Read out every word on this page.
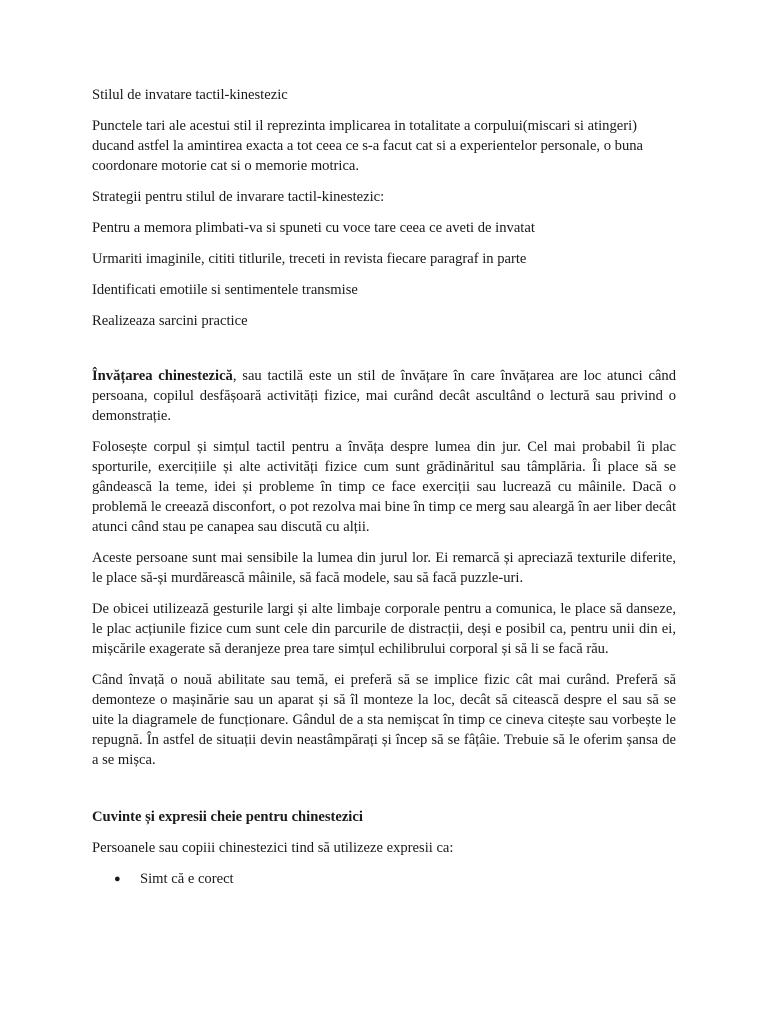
Stilul de invatare tactil-kinestezic

Punctele tari ale acestui stil il reprezinta implicarea in totalitate a corpului(miscari si atingeri) ducand astfel la amintirea exacta a tot ceea ce s-a facut cat si a experientelor personale, o buna coordonare motorie cat si o memorie motrica.

Strategii pentru stilul de invarare tactil-kinestezic:

Pentru a memora plimbati-va si spuneti cu voce tare ceea ce aveti de invatat

Urmariti imaginile, cititi titlurile, treceti in revista fiecare paragraf in parte

Identificati emotiile si sentimentele transmise

Realizeaza sarcini practice

Învățarea chinestezică, sau tactilă este un stil de învățare în care învățarea are loc atunci când persoana, copilul desfășoară activități fizice, mai curând decât ascultând o lectură sau privind o demonstrație.

Folosește corpul și simțul tactil pentru a învăța despre lumea din jur. Cel mai probabil îi plac sporturile, exercițiile și alte activități fizice cum sunt grădinăritul sau tâmplăria. Îi place să se gândească la teme, idei și probleme în timp ce face exerciții sau lucrează cu mâinile. Dacă o problemă le creează disconfort, o pot rezolva mai bine în timp ce merg sau aleargă în aer liber decât atunci când stau pe canapea sau discută cu alții.

Aceste persoane sunt mai sensibile la lumea din jurul lor. Ei remarcă și apreciază texturile diferite, le place să-și murdărească mâinile, să facă modele, sau să facă puzzle-uri.

De obicei utilizează gesturile largi și alte limbaje corporale pentru a comunica, le place să danseze, le plac acțiunile fizice cum sunt cele din parcurile de distracții, deși e posibil ca, pentru unii din ei, mișcările exagerate să deranjeze prea tare simțul echilibrului corporal și să li se facă rău.

Când învață o nouă abilitate sau temă, ei preferă să se implice fizic cât mai curând. Preferă să demonteze o mașinărie sau un aparat și să îl monteze la loc, decât să citească despre el sau să se uite la diagramele de funcționare. Gândul de a sta nemișcat în timp ce cineva citește sau vorbește le repugnă. În astfel de situații devin neastâmpărați și încep să se fâțâie. Trebuie să le oferim șansa de a se mișca.

Cuvinte și expresii cheie pentru chinestezici

Persoanele sau copiii chinestezici tind să utilizeze expresii ca:

● Simt că e corect
